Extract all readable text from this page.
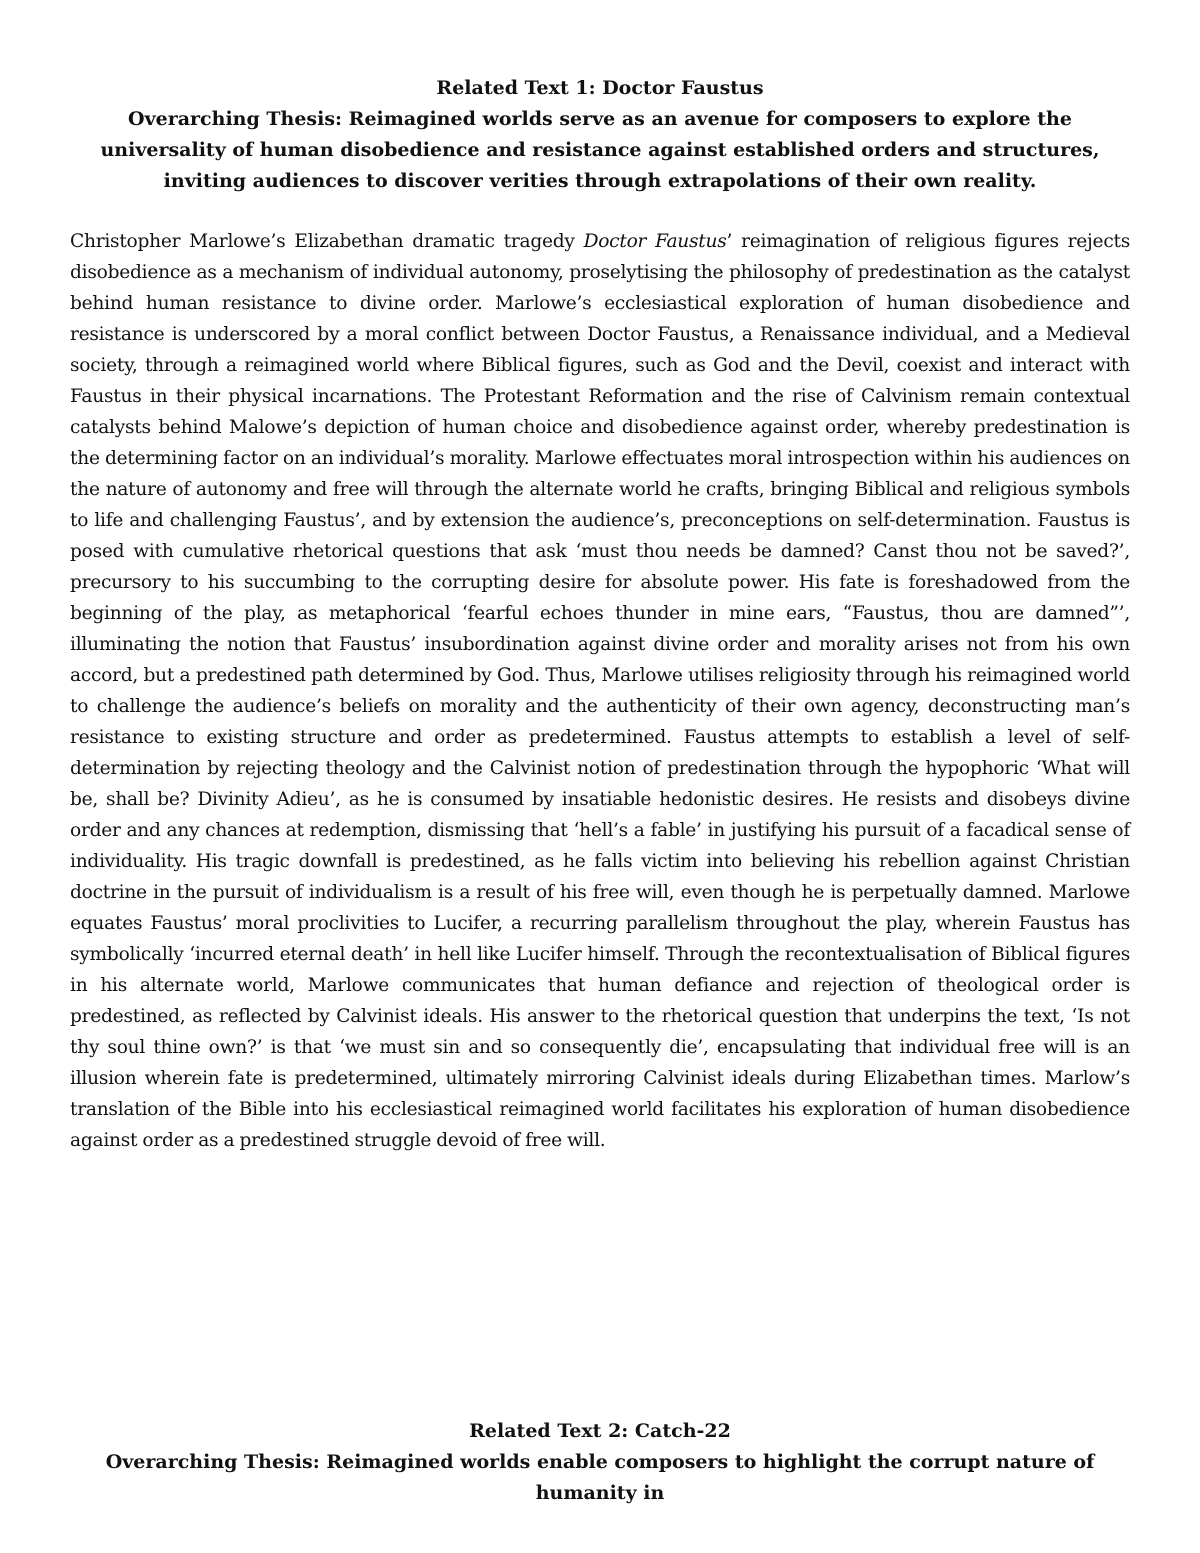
Related Text 1: Doctor Faustus
Overarching Thesis: Reimagined worlds serve as an avenue for composers to explore the universality of human disobedience and resistance against established orders and structures, inviting audiences to discover verities through extrapolations of their own reality.

Christopher Marlowe’s Elizabethan dramatic tragedy Doctor Faustus’ reimagination of religious figures rejects disobedience as a mechanism of individual autonomy, proselytising the philosophy of predestination as the catalyst behind human resistance to divine order. Marlowe’s ecclesiastical exploration of human disobedience and resistance is underscored by a moral conflict between Doctor Faustus, a Renaissance individual, and a Medieval society, through a reimagined world where Biblical figures, such as God and the Devil, coexist and interact with Faustus in their physical incarnations. The Protestant Reformation and the rise of Calvinism remain contextual catalysts behind Malowe’s depiction of human choice and disobedience against order, whereby predestination is the determining factor on an individual’s morality. Marlowe effectuates moral introspection within his audiences on the nature of autonomy and free will through the alternate world he crafts, bringing Biblical and religious symbols to life and challenging Faustus’, and by extension the audience’s, preconceptions on self-determination. Faustus is posed with cumulative rhetorical questions that ask ‘must thou needs be damned? Canst thou not be saved?’, precursory to his succumbing to the corrupting desire for absolute power. His fate is foreshadowed from the beginning of the play, as metaphorical ‘fearful echoes thunder in mine ears, “Faustus, thou are damned”’, illuminating the notion that Faustus’ insubordination against divine order and morality arises not from his own accord, but a predestined path determined by God. Thus, Marlowe utilises religiosity through his reimagined world to challenge the audience’s beliefs on morality and the authenticity of their own agency, deconstructing man’s resistance to existing structure and order as predetermined. Faustus attempts to establish a level of self-determination by rejecting theology and the Calvinist notion of predestination through the hypophoric ‘What will be, shall be? Divinity Adieu’, as he is consumed by insatiable hedonistic desires. He resists and disobeys divine order and any chances at redemption, dismissing that ‘hell’s a fable’ in justifying his pursuit of a facadical sense of individuality. His tragic downfall is predestined, as he falls victim into believing his rebellion against Christian doctrine in the pursuit of individualism is a result of his free will, even though he is perpetually damned. Marlowe equates Faustus’ moral proclivities to Lucifer, a recurring parallelism throughout the play, wherein Faustus has symbolically ‘incurred eternal death’ in hell like Lucifer himself. Through the recontextualisation of Biblical figures in his alternate world, Marlowe communicates that human defiance and rejection of theological order is predestined, as reflected by Calvinist ideals. His answer to the rhetorical question that underpins the text, ‘Is not thy soul thine own?’ is that ‘we must sin and so consequently die’, encapsulating that individual free will is an illusion wherein fate is predetermined, ultimately mirroring Calvinist ideals during Elizabethan times. Marlow’s translation of the Bible into his ecclesiastical reimagined world facilitates his exploration of human disobedience against order as a predestined struggle devoid of free will.

Related Text 2: Catch-22
Overarching Thesis: Reimagined worlds enable composers to highlight the corrupt nature of humanity in
